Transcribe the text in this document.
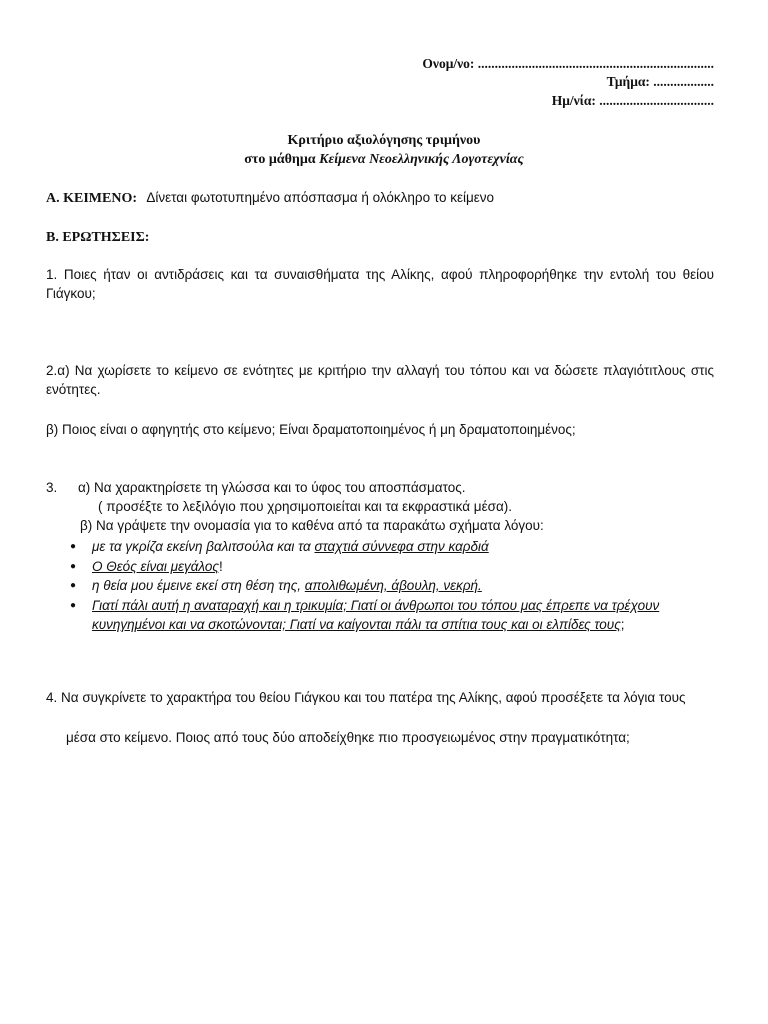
Ονομ/νο: ......................................................................
Τμήμα: ..................
Ημ/νία: ..................................
Κριτήριο αξιολόγησης τριμήνου
στο μάθημα Κείμενα Νεοελληνικής Λογοτεχνίας
Α. ΚΕΙΜΕΝΟ: Δίνεται φωτοτυπημένο απόσπασμα ή ολόκληρο το κείμενο
Β. ΕΡΩΤΗΣΕΙΣ:
1. Ποιες ήταν οι αντιδράσεις και τα συναισθήματα της Αλίκης, αφού πληροφορήθηκε την εντολή του θείου Γιάγκου;
2.α) Να χωρίσετε το κείμενο σε ενότητες με κριτήριο την αλλαγή του τόπου και να δώσετε πλαγιότιτλους στις ενότητες.
β) Ποιος είναι ο αφηγητής στο κείμενο; Είναι δραματοποιημένος ή μη δραματοποιημένος;
3. α) Να χαρακτηρίσετε τη γλώσσα και το ύφος του αποσπάσματος.
( προσέξτε το λεξιλόγιο που χρησιμοποιείται και τα εκφραστικά μέσα).
β) Να γράψετε την ονομασία για το καθένα από τα παρακάτω σχήματα λόγου:
● με τα γκρίζα εκείνη βαλιτσούλα και τα σταχτιά σύννεφα στην καρδιά
● Ο Θεός είναι μεγάλος!
● η θεία μου έμεινε εκεί στη θέση της, απολιθωμένη, άβουλη, νεκρή.
● Γιατί πάλι αυτή η αναταραχή και η τρικυμία; Γιατί οι άνθρωποι του τόπου μας έπρεπε να τρέχουν κυνηγημένοι και να σκοτώνονται; Γιατί να καίγονται πάλι τα σπίτια τους και οι ελπίδες τους;
4. Να συγκρίνετε το χαρακτήρα του θείου Γιάγκου και του πατέρα της Αλίκης, αφού προσέξετε τα λόγια τους
μέσα στο κείμενο. Ποιος από τους δύο αποδείχθηκε πιο προσγειωμένος στην πραγματικότητα;
